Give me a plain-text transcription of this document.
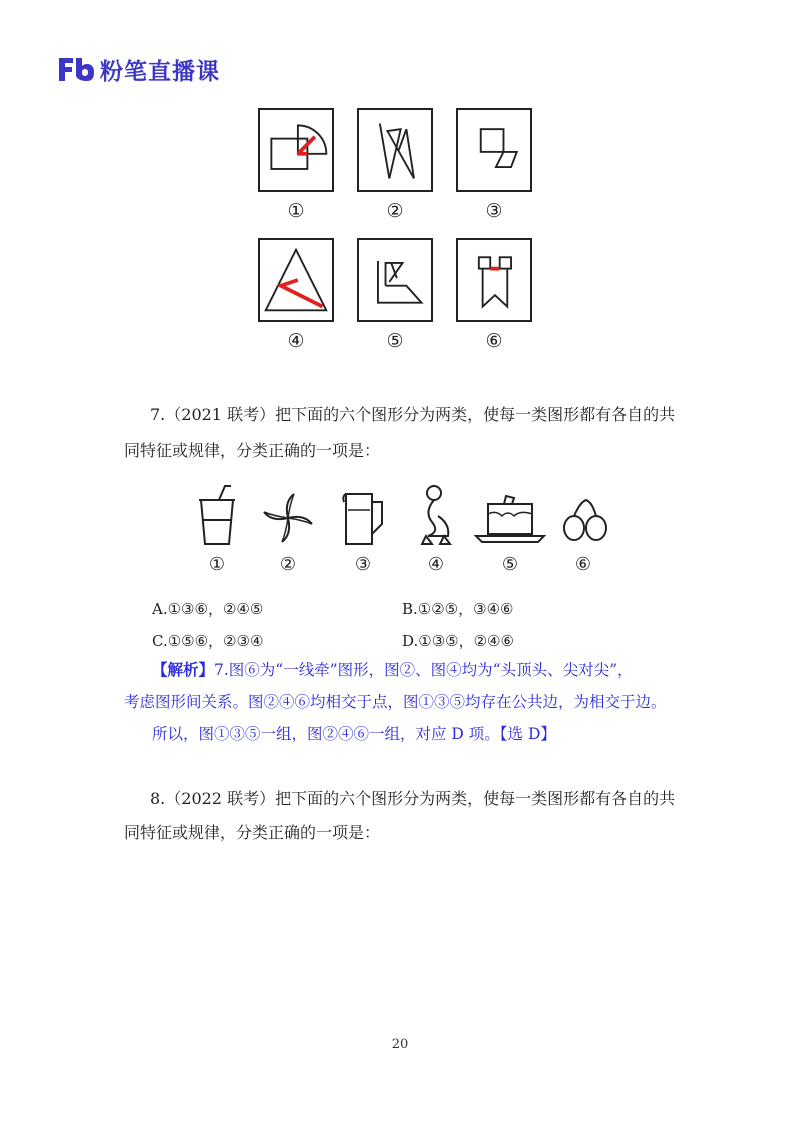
粉笔直播课
①	②	③
④	⑤	⑥
7.（2021 联考）把下面的六个图形分为两类，使每一类图形都有各自的共
同特征或规律，分类正确的一项是：
①	②	③	④	⑤	⑥
A.①③⑥，②④⑤	B.①②⑤，③④⑥
C.①⑤⑥，②③④	D.①③⑤，②④⑥
【解析】7.图⑥为“一线牵”图形，图②、图④均为“头顶头、尖对尖”，
考虑图形间关系。图②④⑥均相交于点，图①③⑤均存在公共边，为相交于边。
所以，图①③⑤一组，图②④⑥一组，对应 D 项。【选 D】
8.（2022 联考）把下面的六个图形分为两类，使每一类图形都有各自的共
同特征或规律，分类正确的一项是：
20
